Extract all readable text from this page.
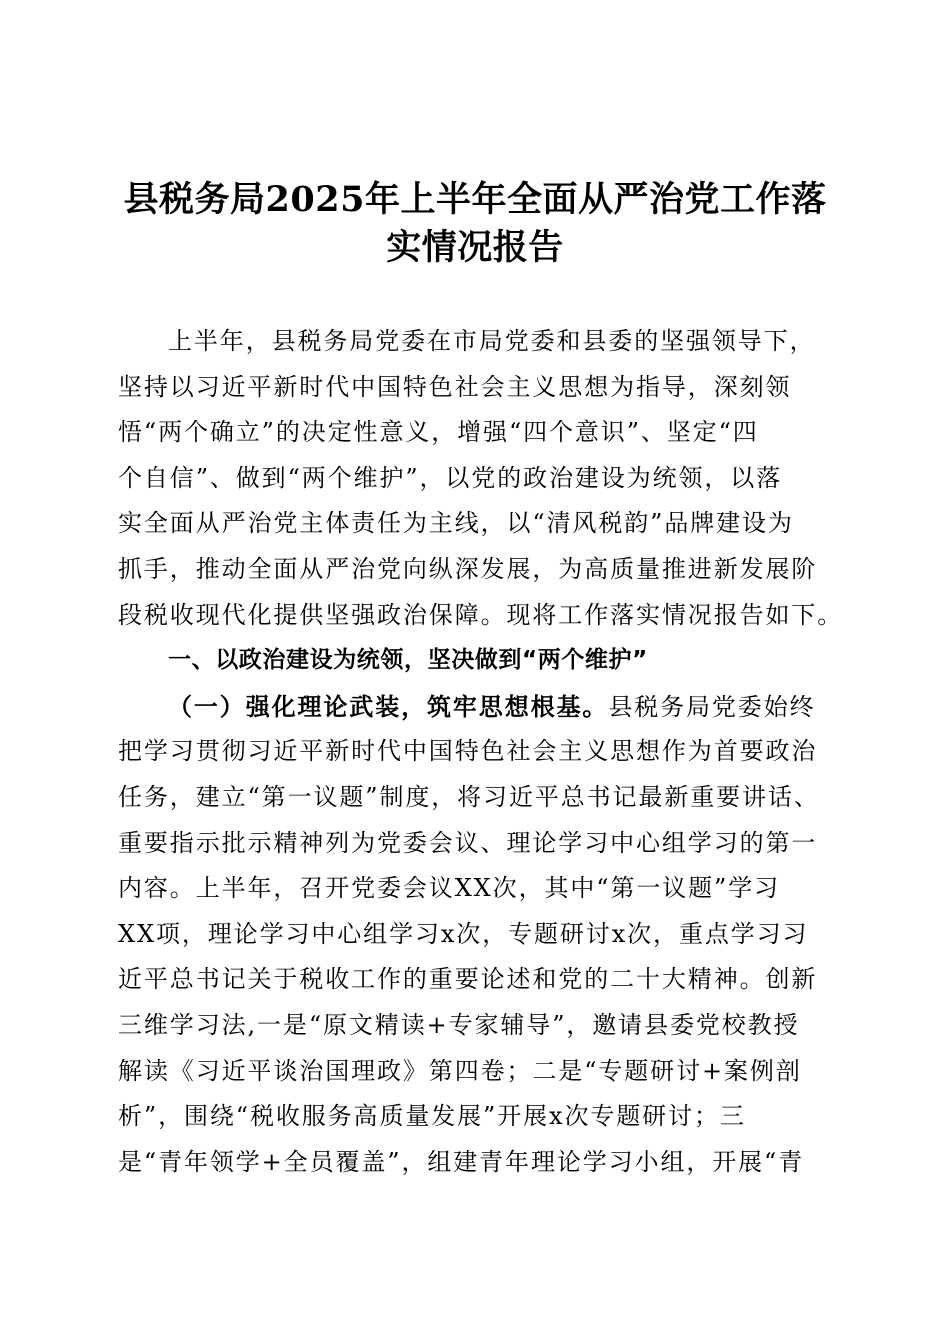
县税务局2025年上半年全面从严治党工作落
实情况报告
上半年，县税务局党委在市局党委和县委的坚强领导下，
坚持以习近平新时代中国特色社会主义思想为指导，深刻领
悟“两个确立”的决定性意义，增强“四个意识”、坚定“四
个自信”、做到“两个维护”，以党的政治建设为统领，以落
实全面从严治党主体责任为主线，以“清风税韵”品牌建设为
抓手，推动全面从严治党向纵深发展，为高质量推进新发展阶
段税收现代化提供坚强政治保障。现将工作落实情况报告如下。
一、以政治建设为统领，坚决做到“两个维护”
（一）强化理论武装，筑牢思想根基。县税务局党委始终
把学习贯彻习近平新时代中国特色社会主义思想作为首要政治
任务，建立“第一议题”制度，将习近平总书记最新重要讲话、
重要指示批示精神列为党委会议、理论学习中心组学习的第一
内容。上半年，召开党委会议XX次，其中“第一议题”学习
XX项，理论学习中心组学习x次，专题研讨x次，重点学习习
近平总书记关于税收工作的重要论述和党的二十大精神。创新
三维学习法,一是“原文精读+专家辅导”，邀请县委党校教授
解读《习近平谈治国理政》第四卷；二是“专题研讨+案例剖
析”，围绕“税收服务高质量发展”开展x次专题研讨；三
是“青年领学+全员覆盖”，组建青年理论学习小组，开展“青
